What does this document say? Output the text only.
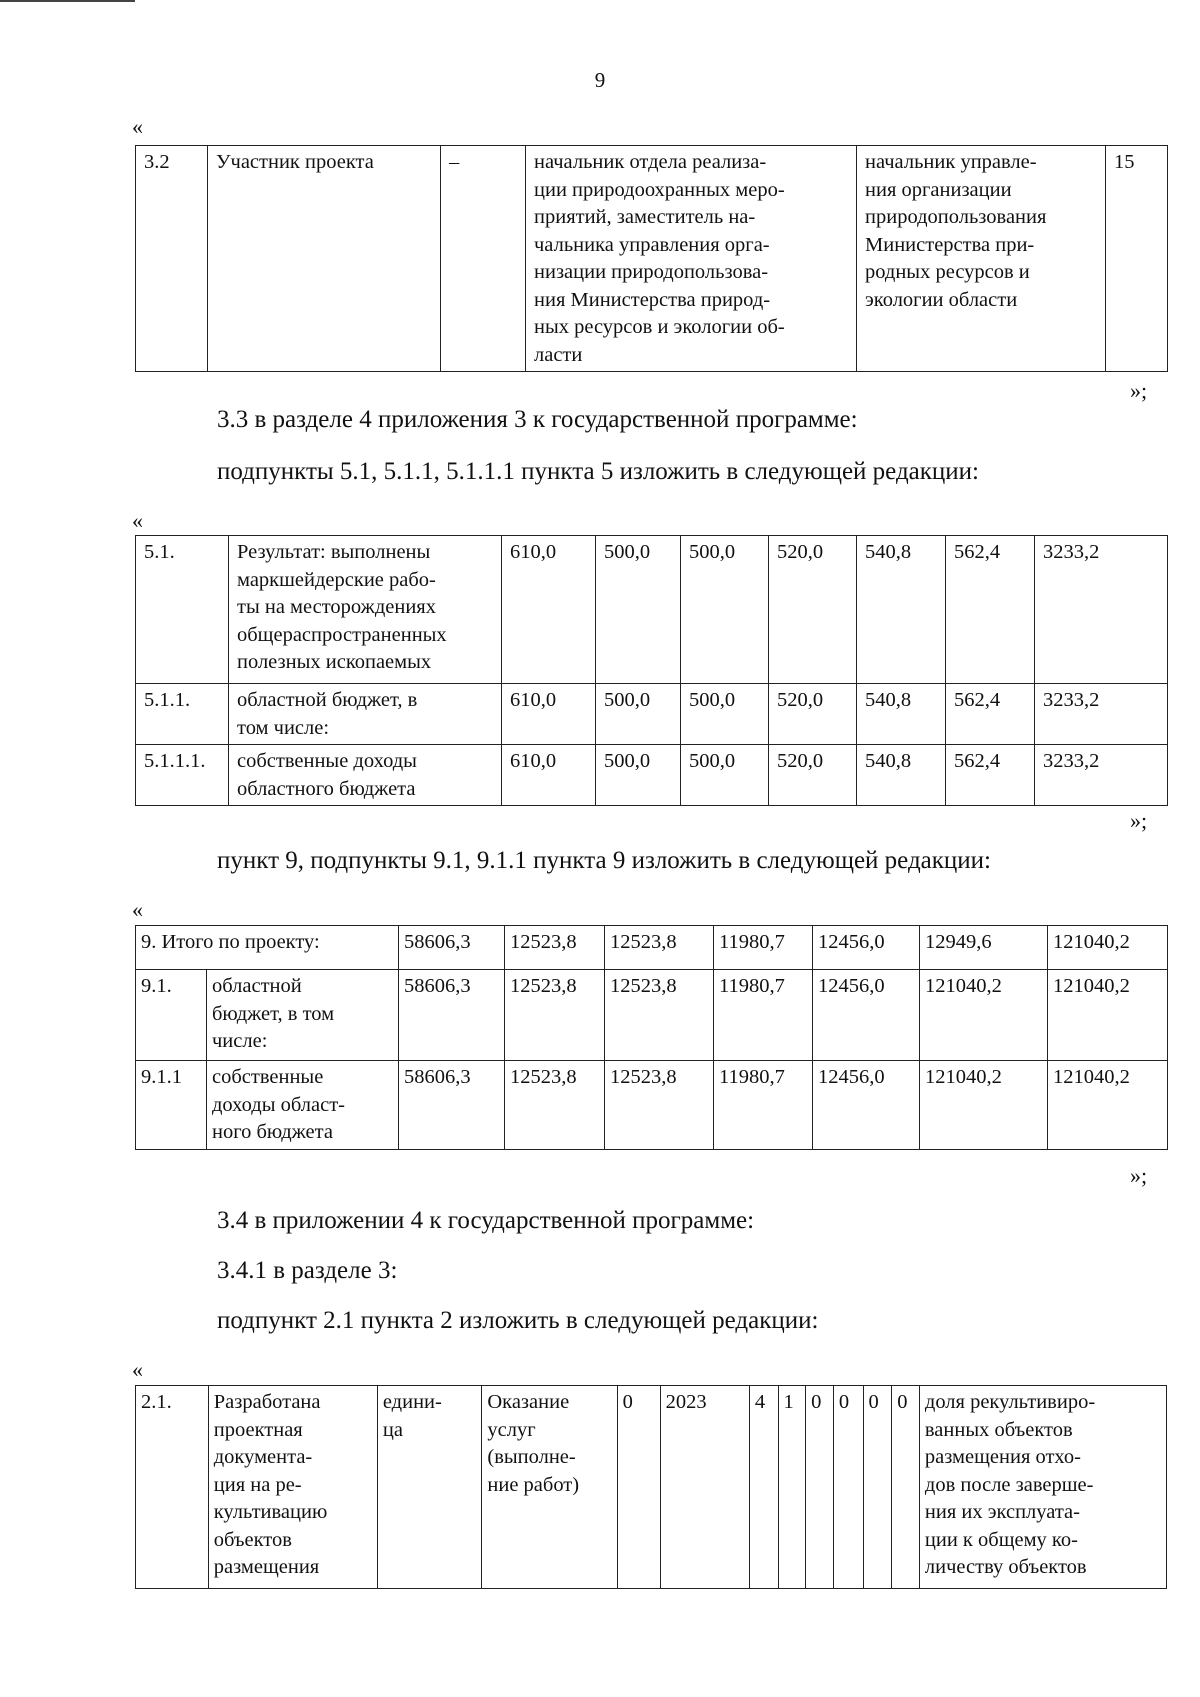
9
«
3.2	Участник проекта	–	начальник отдела реализа-
ции природоохранных меро-
приятий, заместитель на-
чальника управления орга-
низации природопользова-
ния Министерства природ-
ных ресурсов и экологии об-
ласти	начальник управле-
ния организации
природопользования
Министерства при-
родных ресурсов и
экологии области	15
»;
3.3 в разделе 4 приложения 3 к государственной программе:
подпункты 5.1, 5.1.1, 5.1.1.1 пункта 5 изложить в следующей редакции:
«
5.1.	Результат: выполнены
маркшейдерские рабо-
ты на месторождениях
общераспространенных
полезных ископаемых	610,0	500,0	500,0	520,0	540,8	562,4	3233,2
5.1.1.	областной бюджет, в
том числе:	610,0	500,0	500,0	520,0	540,8	562,4	3233,2
5.1.1.1.	собственные доходы
областного бюджета	610,0	500,0	500,0	520,0	540,8	562,4	3233,2
»;
пункт 9, подпункты 9.1, 9.1.1 пункта 9 изложить в следующей редакции:
«
9. Итого по проекту:		58606,3	12523,8	12523,8	11980,7	12456,0	12949,6	121040,2
9.1.	областной
бюджет, в том
числе:	58606,3	12523,8	12523,8	11980,7	12456,0	121040,2	121040,2
9.1.1	собственные
доходы област-
ного бюджета	58606,3	12523,8	12523,8	11980,7	12456,0	121040,2	121040,2
»;
3.4 в приложении 4 к государственной программе:
3.4.1 в разделе 3:
подпункт 2.1 пункта 2 изложить в следующей редакции:
«
2.1.	Разработана
проектная
документа-
ция на ре-
культивацию
объектов
размещения	едини-
ца	Оказание
услуг
(выполне-
ние работ)	0	2023	4	1	0	0	0	0	доля рекультивиро-
ванных объектов
размещения отхо-
дов после заверше-
ния их эксплуата-
ции к общему ко-
личеству объектов
